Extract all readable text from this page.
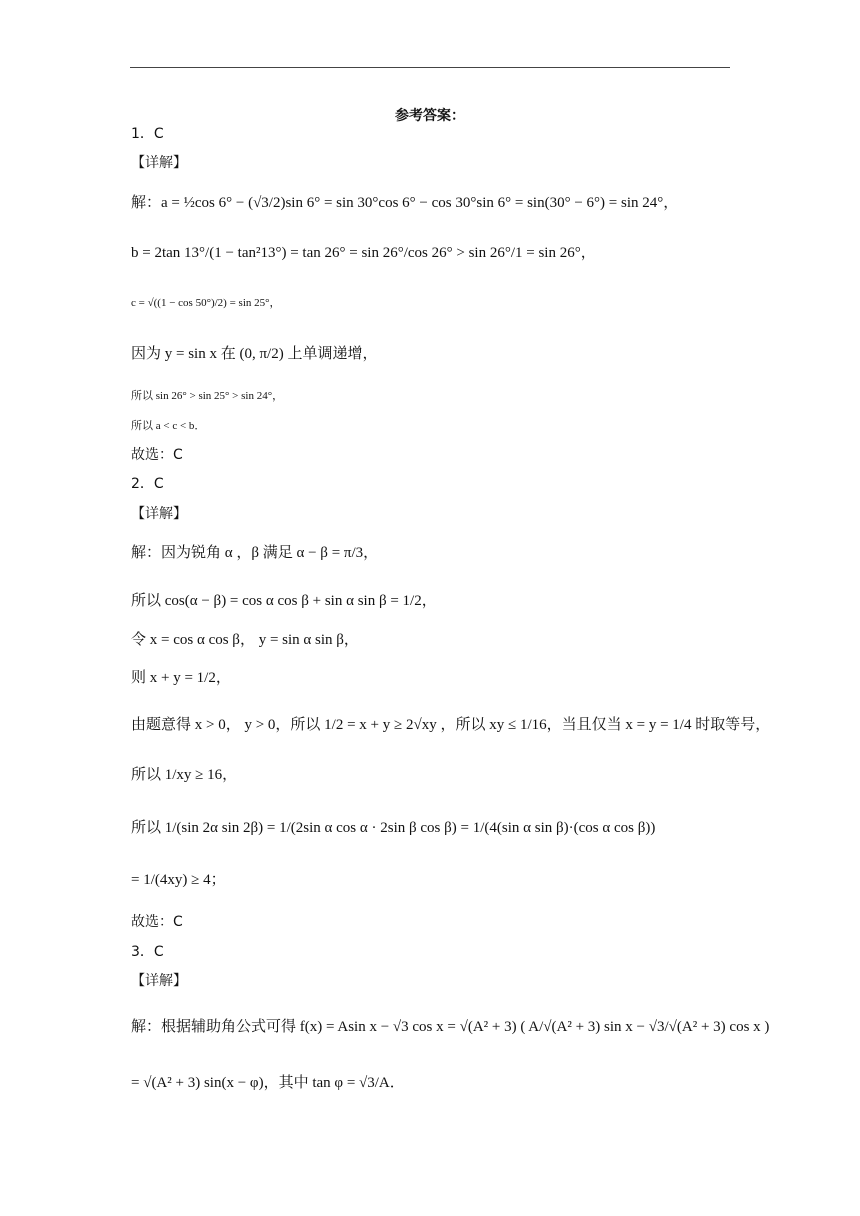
参考答案：
1．C
【详解】
解：a = ½cos 6° − (√3/2)sin 6° = sin 30°cos 6° − cos 30°sin 6° = sin(30° − 6°) = sin 24°，
b = 2tan 13°/(1 − tan²13°) = tan 26° = sin 26°/cos 26° > sin 26°/1 = sin 26°，
c = √((1 − cos 50°)/2) = sin 25°，
因为 y = sin x 在 (0, π/2) 上单调递增，
所以 sin 26° > sin 25° > sin 24°，
所以 a < c < b．
故选：C
2．C
【详解】
解：因为锐角 α ，β 满足 α − β = π/3，
所以 cos(α − β) = cos α cos β + sin α sin β = 1/2，
令 x = cos α cos β， y = sin α sin β，
则 x + y = 1/2，
由题意得 x > 0， y > 0，所以 1/2 = x + y ≥ 2√xy ，所以 xy ≤ 1/16，当且仅当 x = y = 1/4 时取等号，
所以 1/xy ≥ 16，
所以 1/(sin 2α sin 2β) = 1/(2sin α cos α · 2sin β cos β) = 1/(4(sin α sin β)·(cos α cos β))
= 1/(4xy) ≥ 4；
故选：C
3．C
【详解】
解：根据辅助角公式可得 f(x) = Asin x − √3 cos x = √(A² + 3) ( A/√(A² + 3) sin x − √3/√(A² + 3) cos x )
= √(A² + 3) sin(x − φ)，其中 tan φ = √3/A．
